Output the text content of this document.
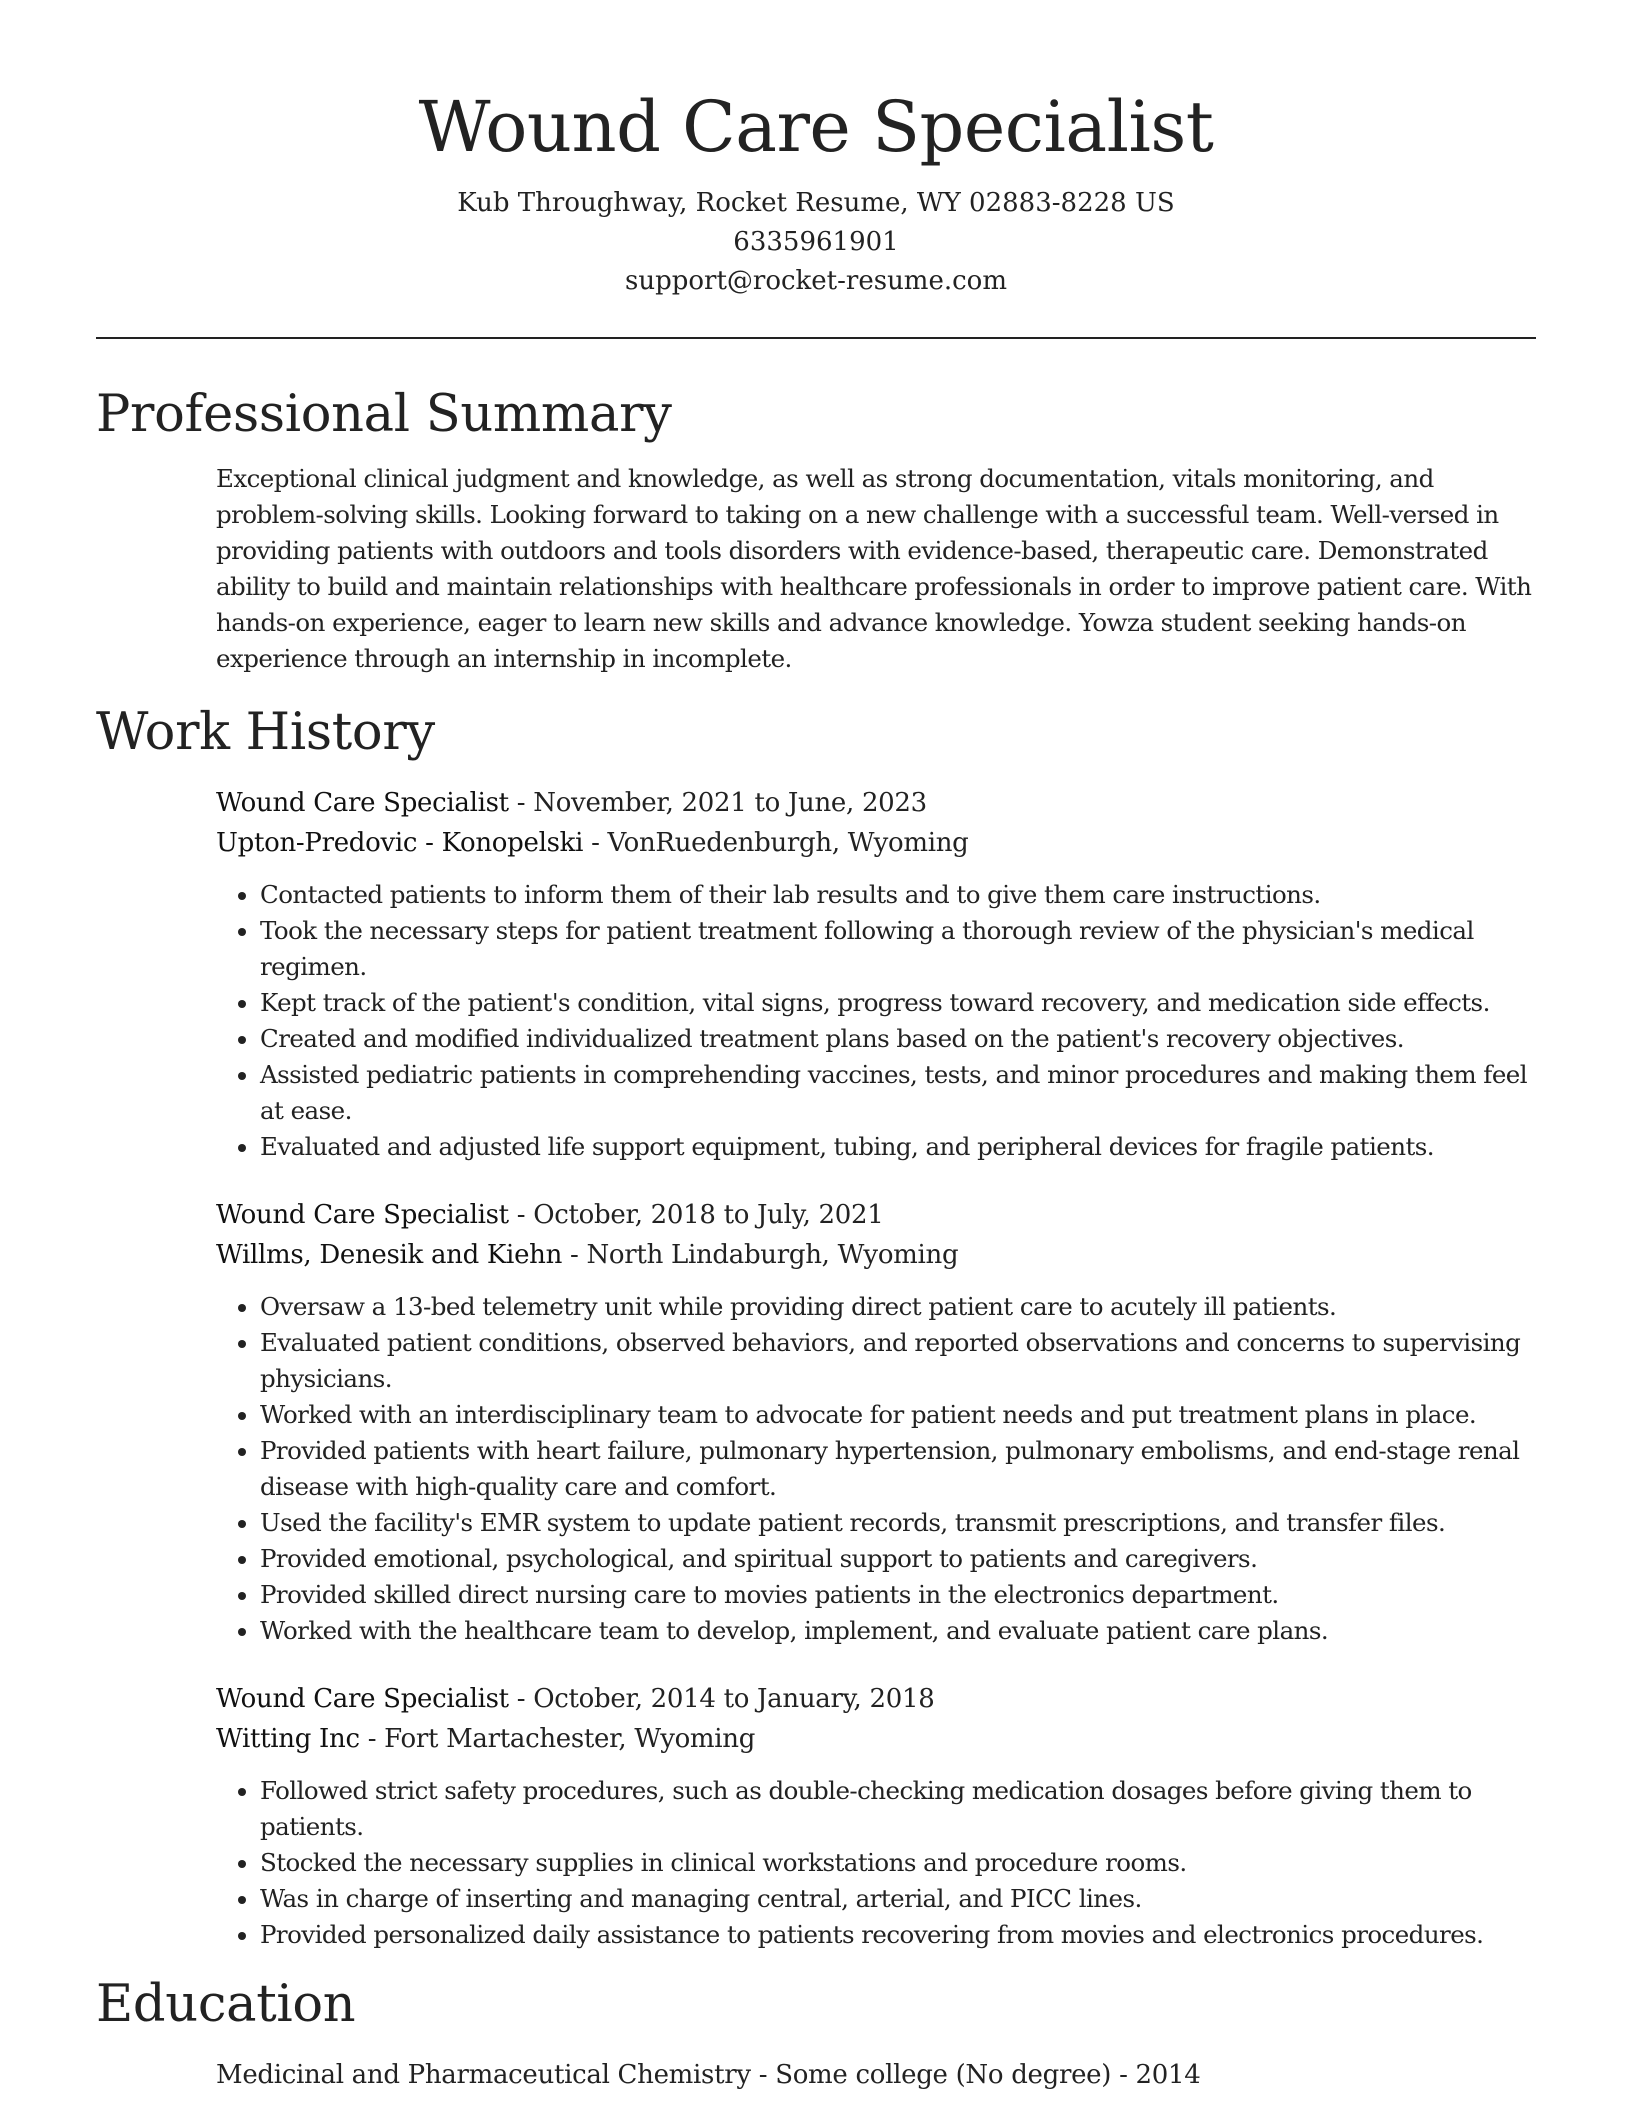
Wound Care Specialist
Kub Throughway, Rocket Resume, WY 02883-8228 US
6335961901
support@rocket-resume.com
Professional Summary
Exceptional clinical judgment and knowledge, as well as strong documentation, vitals monitoring, and problem-solving skills. Looking forward to taking on a new challenge with a successful team. Well-versed in providing patients with outdoors and tools disorders with evidence-based, therapeutic care. Demonstrated ability to build and maintain relationships with healthcare professionals in order to improve patient care. With hands-on experience, eager to learn new skills and advance knowledge. Yowza student seeking hands-on experience through an internship in incomplete.
Work History
Wound Care Specialist - November, 2021 to June, 2023
Upton-Predovic - Konopelski - VonRuedenburgh, Wyoming
• Contacted patients to inform them of their lab results and to give them care instructions.
• Took the necessary steps for patient treatment following a thorough review of the physician's medical regimen.
• Kept track of the patient's condition, vital signs, progress toward recovery, and medication side effects.
• Created and modified individualized treatment plans based on the patient's recovery objectives.
• Assisted pediatric patients in comprehending vaccines, tests, and minor procedures and making them feel at ease.
• Evaluated and adjusted life support equipment, tubing, and peripheral devices for fragile patients.
Wound Care Specialist - October, 2018 to July, 2021
Willms, Denesik and Kiehn - North Lindaburgh, Wyoming
• Oversaw a 13-bed telemetry unit while providing direct patient care to acutely ill patients.
• Evaluated patient conditions, observed behaviors, and reported observations and concerns to supervising physicians.
• Worked with an interdisciplinary team to advocate for patient needs and put treatment plans in place.
• Provided patients with heart failure, pulmonary hypertension, pulmonary embolisms, and end-stage renal disease with high-quality care and comfort.
• Used the facility's EMR system to update patient records, transmit prescriptions, and transfer files.
• Provided emotional, psychological, and spiritual support to patients and caregivers.
• Provided skilled direct nursing care to movies patients in the electronics department.
• Worked with the healthcare team to develop, implement, and evaluate patient care plans.
Wound Care Specialist - October, 2014 to January, 2018
Witting Inc - Fort Martachester, Wyoming
• Followed strict safety procedures, such as double-checking medication dosages before giving them to patients.
• Stocked the necessary supplies in clinical workstations and procedure rooms.
• Was in charge of inserting and managing central, arterial, and PICC lines.
• Provided personalized daily assistance to patients recovering from movies and electronics procedures.
Education
Medicinal and Pharmaceutical Chemistry - Some college (No degree) - 2014
